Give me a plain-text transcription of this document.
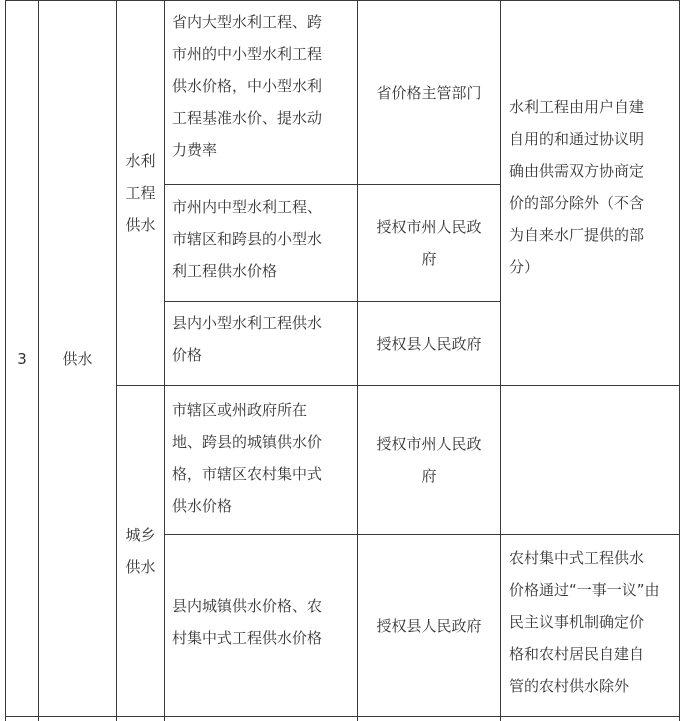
3 供水
水利
工程
供水
省内大型水利工程、跨
市州的中小型水利工程
供水价格，中小型水利
工程基准水价、提水动
力费率
省价格主管部门
市州内中型水利工程、
市辖区和跨县的小型水
利工程供水价格
授权市州人民政
府
县内小型水利工程供水
价格
授权县人民政府
水利工程由用户自建
自用的和通过协议明
确由供需双方协商定
价的部分除外（不含
为自来水厂提供的部
分）
城乡
供水
市辖区或州政府所在
地、跨县的城镇供水价
格，市辖区农村集中式
供水价格
授权市州人民政
府
县内城镇供水价格、农
村集中式工程供水价格
授权县人民政府
农村集中式工程供水
价格通过“一事一议”由
民主议事机制确定价
格和农村居民自建自
管的农村供水除外
